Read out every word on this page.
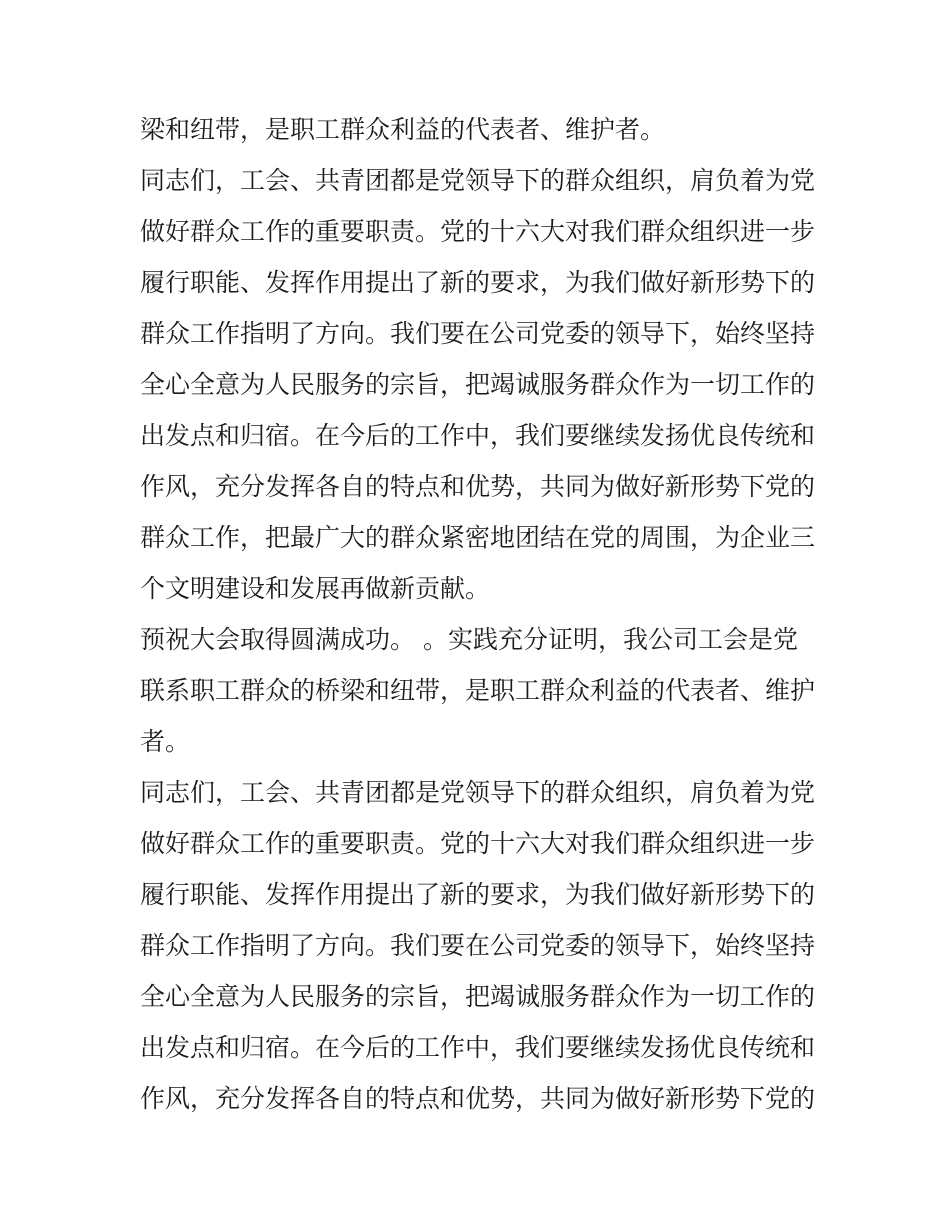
梁和纽带，是职工群众利益的代表者、维护者。
同志们，工会、共青团都是党领导下的群众组织，肩负着为党
做好群众工作的重要职责。党的十六大对我们群众组织进一步
履行职能、发挥作用提出了新的要求，为我们做好新形势下的
群众工作指明了方向。我们要在公司党委的领导下，始终坚持
全心全意为人民服务的宗旨，把竭诚服务群众作为一切工作的
出发点和归宿。在今后的工作中，我们要继续发扬优良传统和
作风，充分发挥各自的特点和优势，共同为做好新形势下党的
群众工作，把最广大的群众紧密地团结在党的周围，为企业三
个文明建设和发展再做新贡献。
预祝大会取得圆满成功。 。实践充分证明，我公司工会是党
联系职工群众的桥梁和纽带，是职工群众利益的代表者、维护
者。
同志们，工会、共青团都是党领导下的群众组织，肩负着为党
做好群众工作的重要职责。党的十六大对我们群众组织进一步
履行职能、发挥作用提出了新的要求，为我们做好新形势下的
群众工作指明了方向。我们要在公司党委的领导下，始终坚持
全心全意为人民服务的宗旨，把竭诚服务群众作为一切工作的
出发点和归宿。在今后的工作中，我们要继续发扬优良传统和
作风，充分发挥各自的特点和优势，共同为做好新形势下党的
